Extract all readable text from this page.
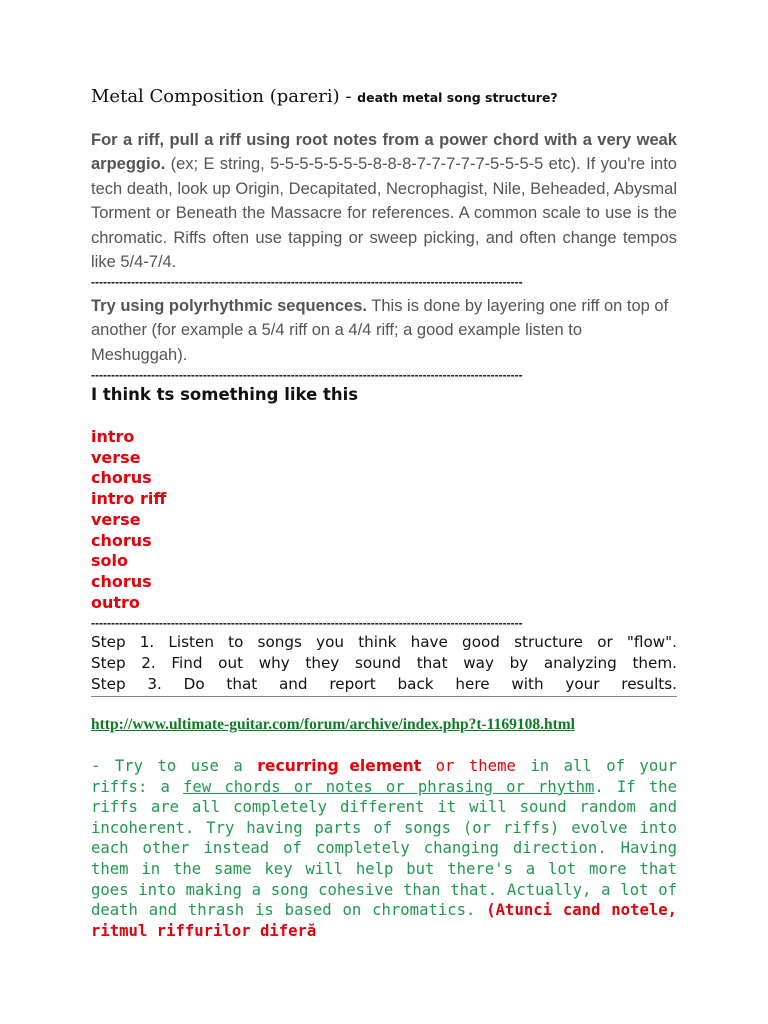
Metal Composition (pareri) - death metal song structure?
For a riff, pull a riff using root notes from a power chord with a very weak arpeggio. (ex; E string, 5-5-5-5-5-5-5-8-8-8-7-7-7-7-7-5-5-5-5 etc). If you're into tech death, look up Origin, Decapitated, Necrophagist, Nile, Beheaded, Abysmal Torment or Beneath the Massacre for references. A common scale to use is the chromatic. Riffs often use tapping or sweep picking, and often change tempos like 5/4-7/4.
------------------------------------------------------------------------------------------------------------
Try using polyrhythmic sequences. This is done by layering one riff on top of another (for example a 5/4 riff on a 4/4 riff; a good example listen to Meshuggah).
------------------------------------------------------------------------------------------------------------
I think ts something like this
intro
verse
chorus
intro riff
verse
chorus
solo
chorus
outro
------------------------------------------------------------------------------------------------------------
Step 1. Listen to songs you think have good structure or "flow".
Step 2. Find out why they sound that way by analyzing them.
Step 3. Do that and report back here with your results.
http://www.ultimate-guitar.com/forum/archive/index.php?t-1169108.html
- Try to use a recurring element or theme in all of your riffs: a few chords or notes or phrasing or rhythm. If the riffs are all completely different it will sound random and incoherent. Try having parts of songs (or riffs) evolve into each other instead of completely changing direction. Having them in the same key will help but there's a lot more that goes into making a song cohesive than that. Actually, a lot of death and thrash is based on chromatics. (Atunci cand notele, ritmul riffurilor diferă
